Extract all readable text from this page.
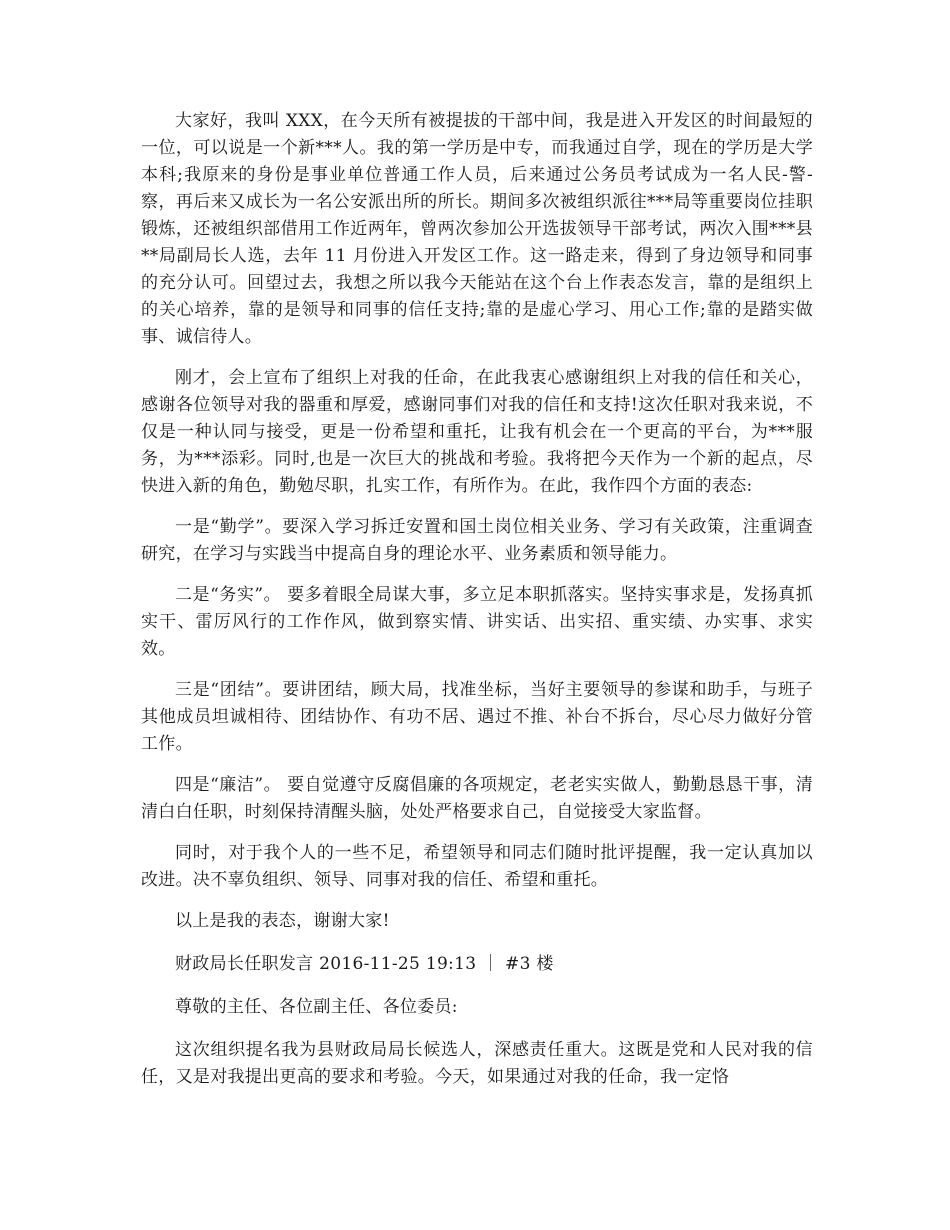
大家好，我叫 XXX，在今天所有被提拔的干部中间，我是进入开发区的时间最短的一位，可以说是一个新***人。我的第一学历是中专，而我通过自学，现在的学历是大学本科;我原来的身份是事业单位普通工作人员，后来通过公务员考试成为一名人民-警-察，再后来又成长为一名公安派出所的所长。期间多次被组织派往***局等重要岗位挂职锻炼，还被组织部借用工作近两年，曾两次参加公开选拔领导干部考试，两次入围***县**局副局长人选，去年 11 月份进入开发区工作。这一路走来，得到了身边领导和同事的充分认可。回望过去，我想之所以我今天能站在这个台上作表态发言，靠的是组织上的关心培养，靠的是领导和同事的信任支持;靠的是虚心学习、用心工作;靠的是踏实做事、诚信待人。

刚才，会上宣布了组织上对我的任命，在此我衷心感谢组织上对我的信任和关心，感谢各位领导对我的器重和厚爱，感谢同事们对我的信任和支持!这次任职对我来说，不仅是一种认同与接受，更是一份希望和重托，让我有机会在一个更高的平台，为***服务，为***添彩。同时,也是一次巨大的挑战和考验。我将把今天作为一个新的起点，尽快进入新的角色，勤勉尽职，扎实工作，有所作为。在此，我作四个方面的表态:

一是“勤学”。要深入学习拆迁安置和国土岗位相关业务、学习有关政策，注重调查研究，在学习与实践当中提高自身的理论水平、业务素质和领导能力。

二是“务实”。 要多着眼全局谋大事，多立足本职抓落实。坚持实事求是，发扬真抓实干、雷厉风行的工作作风，做到察实情、讲实话、出实招、重实绩、办实事、求实效。

三是“团结”。要讲团结，顾大局，找准坐标，当好主要领导的参谋和助手，与班子其他成员坦诚相待、团结协作、有功不居、遇过不推、补台不拆台，尽心尽力做好分管工作。

四是“廉洁”。 要自觉遵守反腐倡廉的各项规定，老老实实做人，勤勤恳恳干事，清清白白任职，时刻保持清醒头脑，处处严格要求自己，自觉接受大家监督。

同时，对于我个人的一些不足，希望领导和同志们随时批评提醒，我一定认真加以改进。决不辜负组织、领导、同事对我的信任、希望和重托。

以上是我的表态，谢谢大家!

财政局长任职发言 2016-11-25 19:13 ｜ #3 楼

尊敬的主任、各位副主任、各位委员:

这次组织提名我为县财政局局长候选人，深感责任重大。这既是党和人民对我的信任，又是对我提出更高的要求和考验。今天，如果通过对我的任命，我一定恪
